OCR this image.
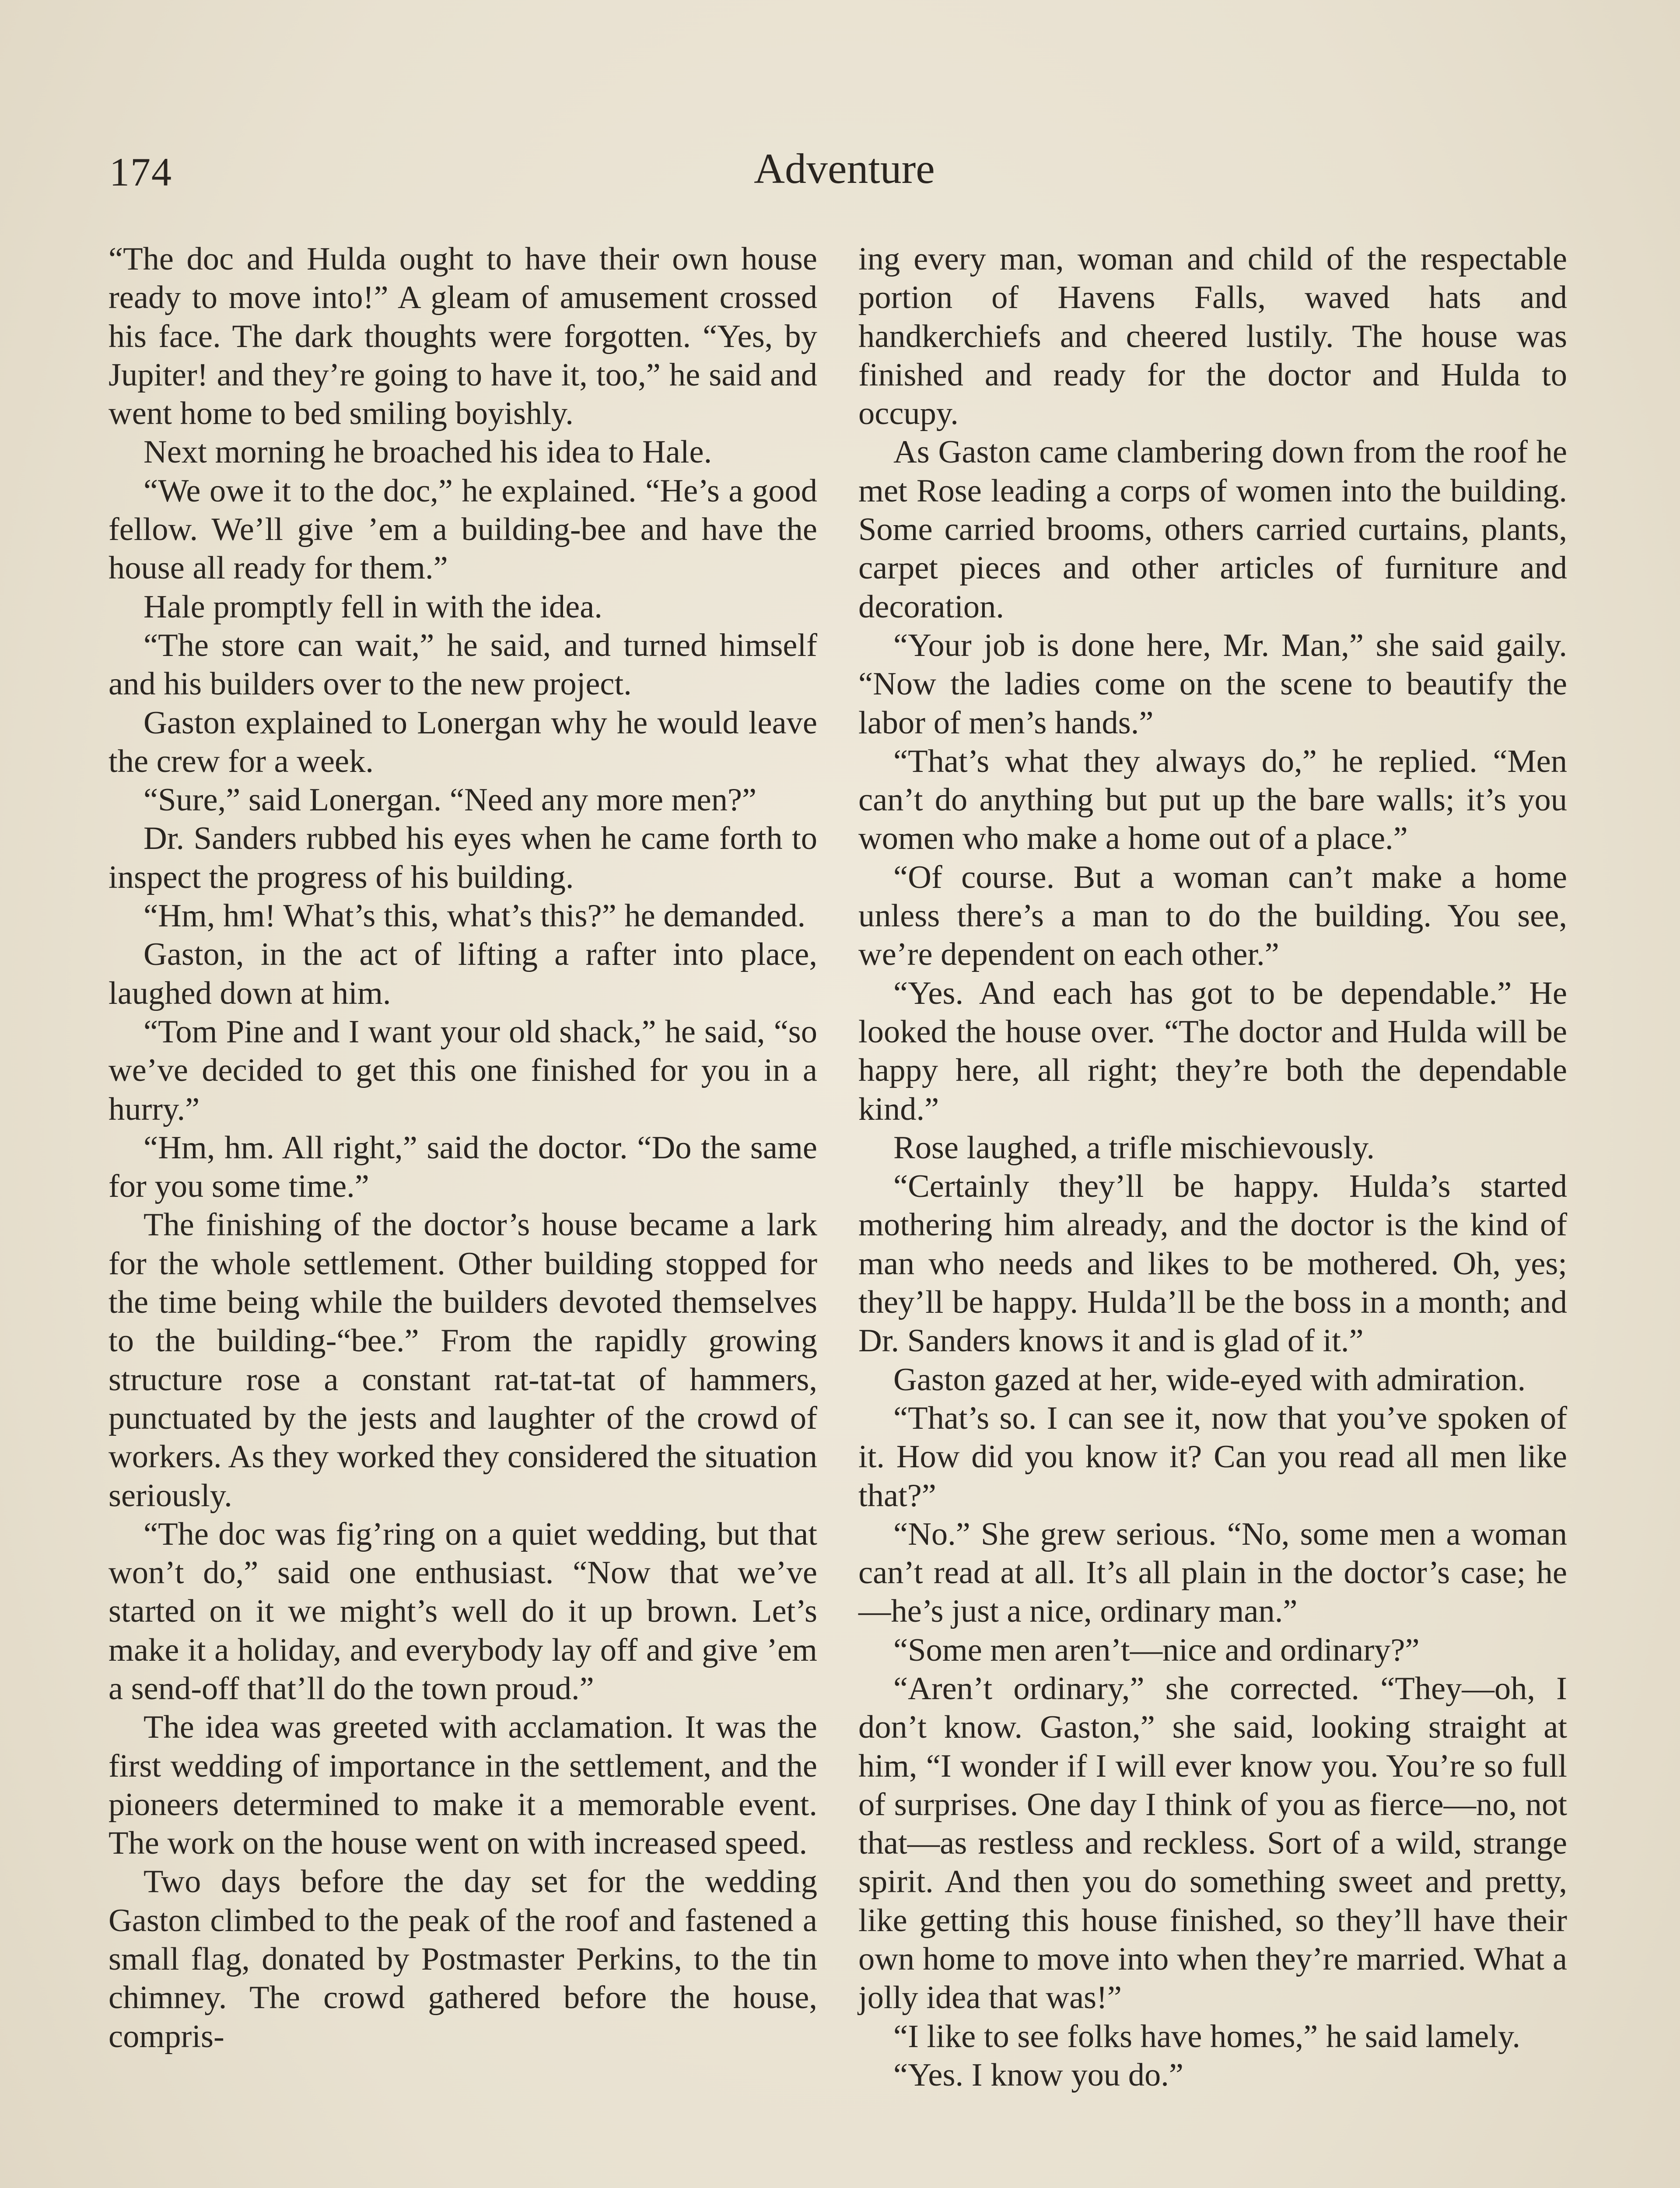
174	Adventure

“The doc and Hulda ought to have their own house ready to move into!” A gleam of amusement crossed his face. The dark thoughts were forgotten. “Yes, by Jupiter! and they’re going to have it, too,” he said and went home to bed smiling boyishly.

Next morning he broached his idea to Hale.

“We owe it to the doc,” he explained. “He’s a good fellow. We’ll give ’em a building-bee and have the house all ready for them.”

Hale promptly fell in with the idea.

“The store can wait,” he said, and turned himself and his builders over to the new project.

Gaston explained to Lonergan why he would leave the crew for a week.

“Sure,” said Lonergan. “Need any more men?”

Dr. Sanders rubbed his eyes when he came forth to inspect the progress of his building.

“Hm, hm! What’s this, what’s this?” he demanded.

Gaston, in the act of lifting a rafter into place, laughed down at him.

“Tom Pine and I want your old shack,” he said, “so we’ve decided to get this one finished for you in a hurry.”

“Hm, hm. All right,” said the doctor. “Do the same for you some time.”

The finishing of the doctor’s house became a lark for the whole settlement. Other building stopped for the time being while the builders devoted themselves to the building-“bee.” From the rapidly growing structure rose a constant rat-tat-tat of hammers, punctuated by the jests and laughter of the crowd of workers. As they worked they considered the situation seriously.

“The doc was fig’ring on a quiet wedding, but that won’t do,” said one enthusiast. “Now that we’ve started on it we might’s well do it up brown. Let’s make it a holiday, and everybody lay off and give ’em a send-off that’ll do the town proud.”

The idea was greeted with acclamation. It was the first wedding of importance in the settlement, and the pioneers determined to make it a memorable event. The work on the house went on with increased speed.

Two days before the day set for the wedding Gaston climbed to the peak of the roof and fastened a small flag, donated by Postmaster Perkins, to the tin chimney. The crowd gathered before the house, compris-

ing every man, woman and child of the respectable portion of Havens Falls, waved hats and handkerchiefs and cheered lustily. The house was finished and ready for the doctor and Hulda to occupy.

As Gaston came clambering down from the roof he met Rose leading a corps of women into the building. Some carried brooms, others carried curtains, plants, carpet pieces and other articles of furniture and decoration.

“Your job is done here, Mr. Man,” she said gaily. “Now the ladies come on the scene to beautify the labor of men’s hands.”

“That’s what they always do,” he replied. “Men can’t do anything but put up the bare walls; it’s you women who make a home out of a place.”

“Of course. But a woman can’t make a home unless there’s a man to do the building. You see, we’re dependent on each other.”

“Yes. And each has got to be dependable.” He looked the house over. “The doctor and Hulda will be happy here, all right; they’re both the dependable kind.”

Rose laughed, a trifle mischievously.

“Certainly they’ll be happy. Hulda’s started mothering him already, and the doctor is the kind of man who needs and likes to be mothered. Oh, yes; they’ll be happy. Hulda’ll be the boss in a month; and Dr. Sanders knows it and is glad of it.”

Gaston gazed at her, wide-eyed with admiration.

“That’s so. I can see it, now that you’ve spoken of it. How did you know it? Can you read all men like that?”

“No.” She grew serious. “No, some men a woman can’t read at all. It’s all plain in the doctor’s case; he—he’s just a nice, ordinary man.”

“Some men aren’t—nice and ordinary?”

“Aren’t ordinary,” she corrected. “They—oh, I don’t know. Gaston,” she said, looking straight at him, “I wonder if I will ever know you. You’re so full of surprises. One day I think of you as fierce—no, not that—as restless and reckless. Sort of a wild, strange spirit. And then you do something sweet and pretty, like getting this house finished, so they’ll have their own home to move into when they’re married. What a jolly idea that was!”

“I like to see folks have homes,” he said lamely.

“Yes. I know you do.”
